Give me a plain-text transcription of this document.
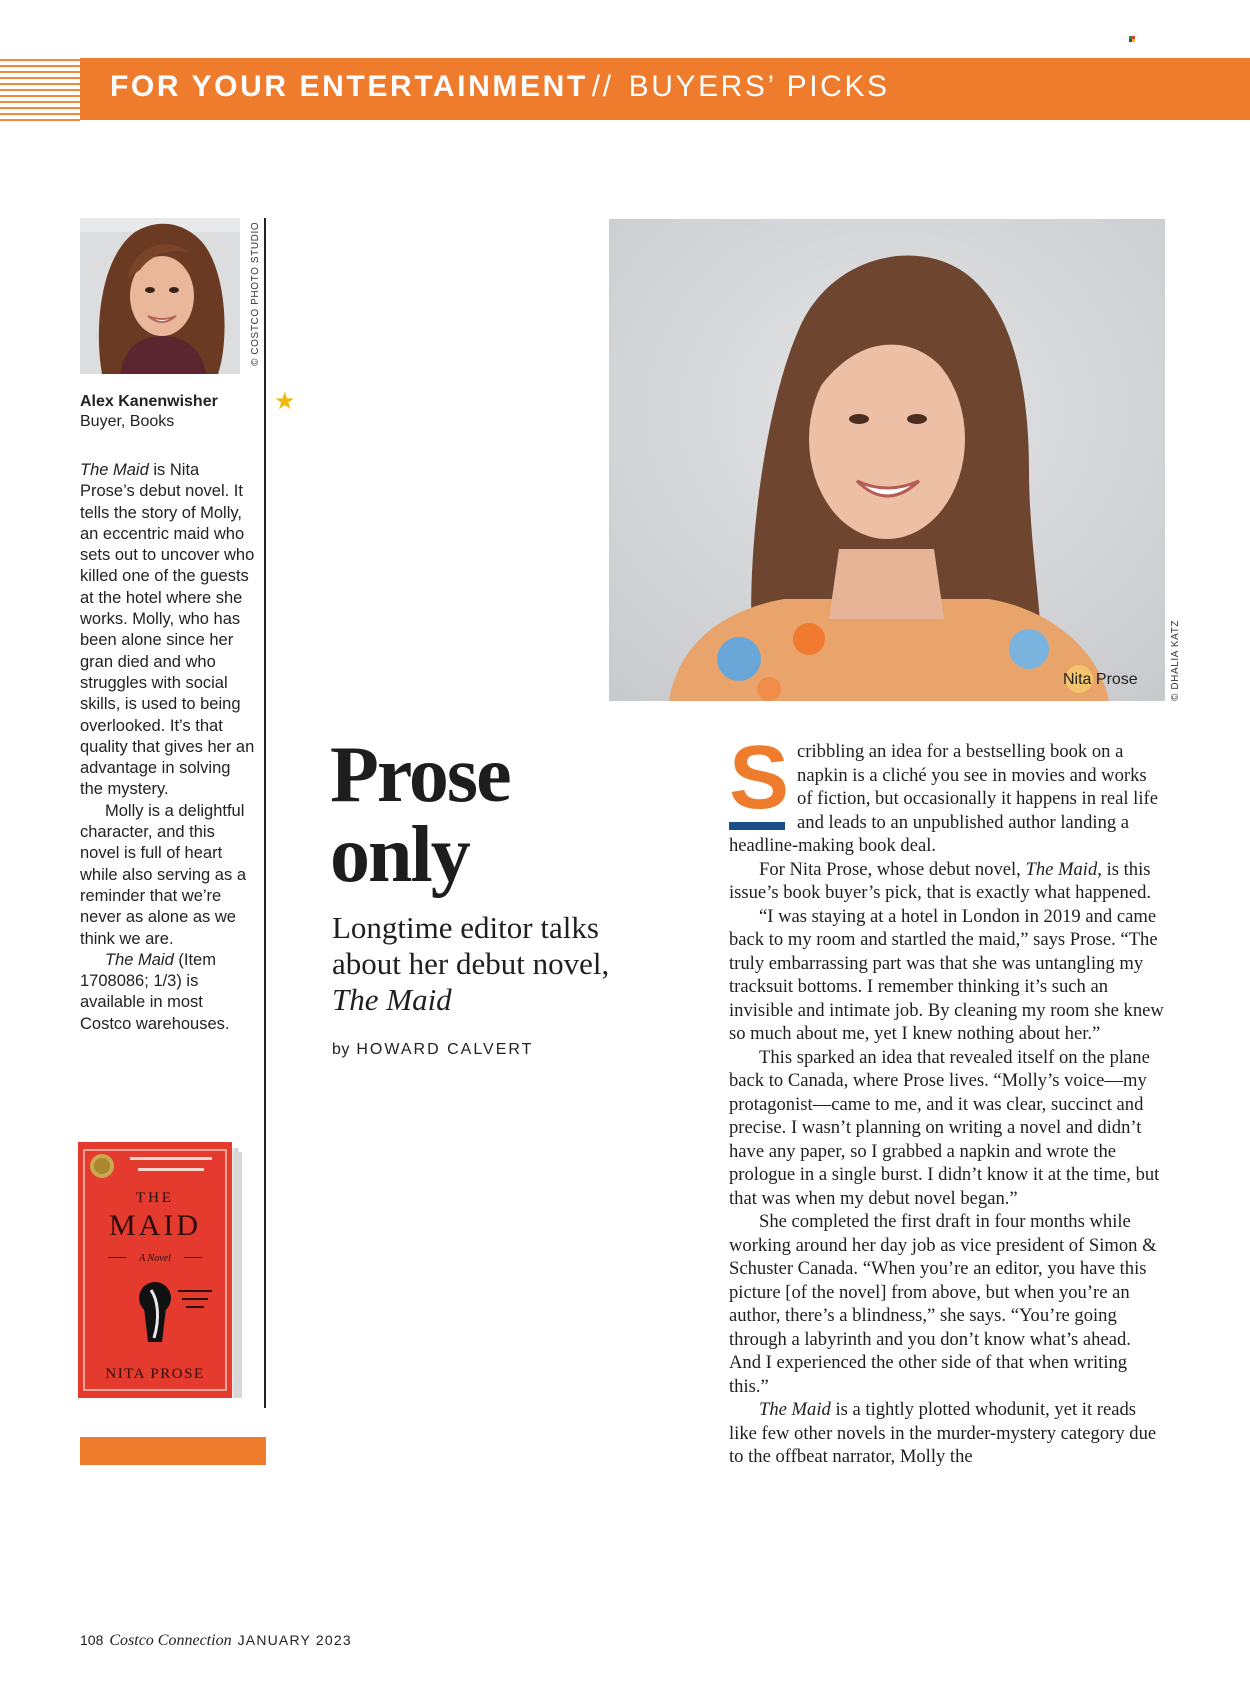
FOR YOUR ENTERTAINMENT // BUYERS’ PICKS
© COSTCO PHOTO STUDIO
★
Alex Kanenwisher
Buyer, Books

The Maid is Nita Prose’s debut novel. It tells the story of Molly, an eccentric maid who sets out to uncover who killed one of the guests at the hotel where she works. Molly, who has been alone since her gran died and who struggles with social skills, is used to being overlooked. It’s that quality that gives her an advantage in solving the mystery.

Molly is a delightful character, and this novel is full of heart while also serving as a reminder that we’re never as alone as we think we are.

The Maid (Item 1708086; 1/3) is available in most Costco warehouses.

THE
MAID
A Novel
NITA PROSE
Nita Prose	© DHALIA KATZ
Prose
only
Longtime editor talks about her debut novel,
The Maid
by HOWARD CALVERT

Scribbling an idea for a bestselling book on a napkin is a cliché you see in movies and works of fiction, but occasionally it happens in real life and leads to an unpublished author landing a headline-making book deal.

For Nita Prose, whose debut novel, The Maid, is this issue’s book buyer’s pick, that is exactly what happened.

“I was staying at a hotel in London in 2019 and came back to my room and startled the maid,” says Prose. “The truly embarrassing part was that she was untangling my tracksuit bottoms. I remember thinking it’s such an invisible and intimate job. By cleaning my room she knew so much about me, yet I knew nothing about her.”

This sparked an idea that revealed itself on the plane back to Canada, where Prose lives. “Molly’s voice—my protagonist—came to me, and it was clear, succinct and precise. I wasn’t planning on writing a novel and didn’t have any paper, so I grabbed a napkin and wrote the prologue in a single burst. I didn’t know it at the time, but that was when my debut novel began.”

She completed the first draft in four months while working around her day job as vice president of Simon & Schuster Canada. “When you’re an editor, you have this picture [of the novel] from above, but when you’re an author, there’s a blindness,” she says. “You’re going through a labyrinth and you don’t know what’s ahead. And I experienced the other side of that when writing this.”

The Maid is a tightly plotted whodunit, yet it reads like few other novels in the murder-mystery category due to the offbeat narrator, Molly the

108 Costco Connection JANUARY 2023
